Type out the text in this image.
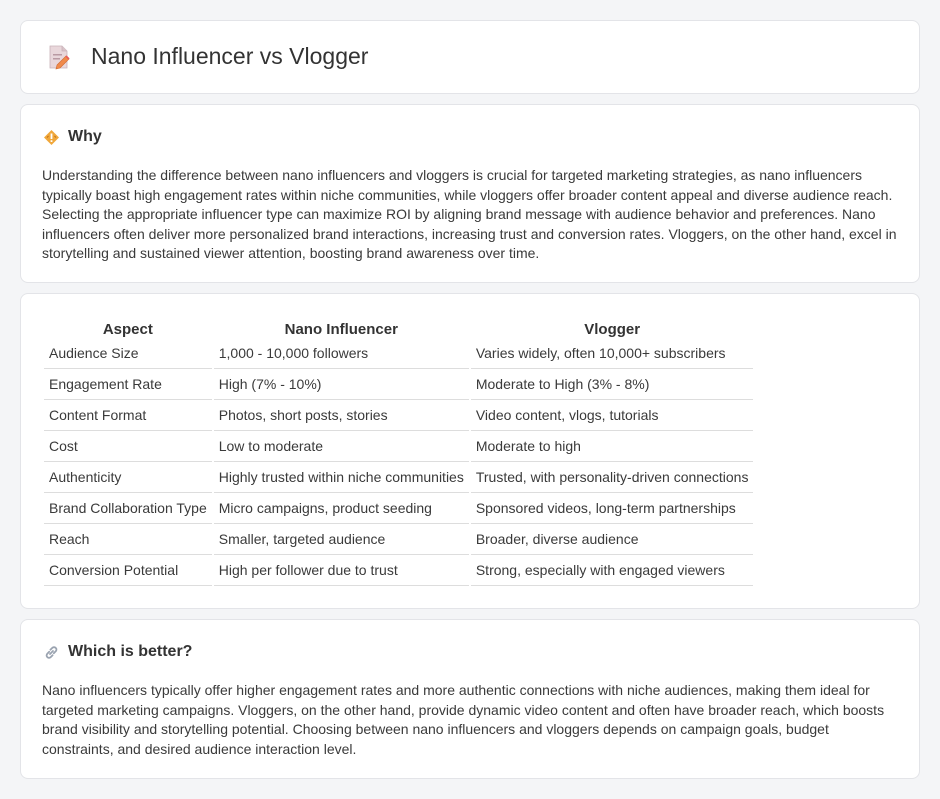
Nano Influencer vs Vlogger
Why

Understanding the difference between nano influencers and vloggers is crucial for targeted marketing strategies, as nano influencers typically boast high engagement rates within niche communities, while vloggers offer broader content appeal and diverse audience reach. Selecting the appropriate influencer type can maximize ROI by aligning brand message with audience behavior and preferences. Nano influencers often deliver more personalized brand interactions, increasing trust and conversion rates. Vloggers, on the other hand, excel in storytelling and sustained viewer attention, boosting brand awareness over time.

Aspect	Nano Influencer	Vlogger
Audience Size	1,000 - 10,000 followers	Varies widely, often 10,000+ subscribers
Engagement Rate	High (7% - 10%)	Moderate to High (3% - 8%)
Content Format	Photos, short posts, stories	Video content, vlogs, tutorials
Cost	Low to moderate	Moderate to high
Authenticity	Highly trusted within niche communities	Trusted, with personality-driven connections
Brand Collaboration Type	Micro campaigns, product seeding	Sponsored videos, long-term partnerships
Reach	Smaller, targeted audience	Broader, diverse audience
Conversion Potential	High per follower due to trust	Strong, especially with engaged viewers
Which is better?

Nano influencers typically offer higher engagement rates and more authentic connections with niche audiences, making them ideal for targeted marketing campaigns. Vloggers, on the other hand, provide dynamic video content and often have broader reach, which boosts brand visibility and storytelling potential. Choosing between nano influencers and vloggers depends on campaign goals, budget constraints, and desired audience interaction level.
